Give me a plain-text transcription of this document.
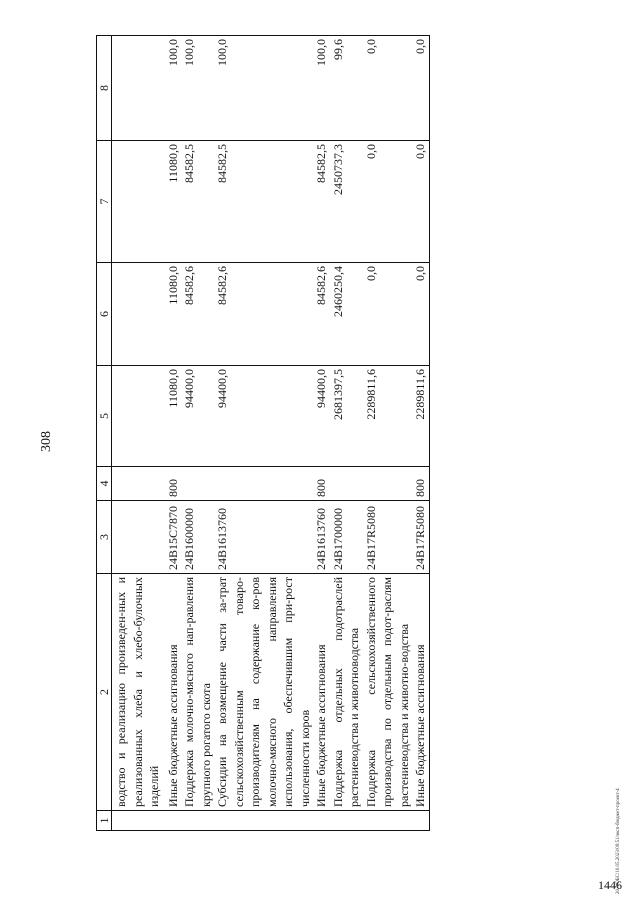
308
1	2	3	4	5	6	7	8
	водство и реализацию произведен-ных и реализованных хлеба и хлебо-булочных изделий						
	Иные бюджетные ассигнования	24В15С7870	800	11080,0	11080,0	11080,0	100,0
	Поддержка молочно-мясного нап-равления крупного рогатого скота	24В1600000		94400,0	84582,6	84582,5	100,0
	Субсидии на возмещение части за-трат сельскохозяйственным товаро-производителям на содержание ко-ров молочно-мясного направления использования, обеспечившим при-рост численности коров	24В1613760		94400,0	84582,6	84582,5	100,0
	Иные бюджетные ассигнования	24В1613760	800	94400,0	84582,6	84582,5	100,0
	Поддержка отдельных подотраслей растениеводства и животноводства	24В1700000		2681397,5	2460250,4	2450737,3	99,6
	Поддержка сельскохозяйственного производства по отдельным подот-раслям растениеводства и животно-водства	24В17R5080		2289811,6	0,0	0,0	0,0
	Иные бюджетные ассигнования	24В17R5080	800	2289811,6	0,0	0,0	0,0
20.3/ОБС/10.05.2023/09:51/эксп-бюджет-проект-4
1446
